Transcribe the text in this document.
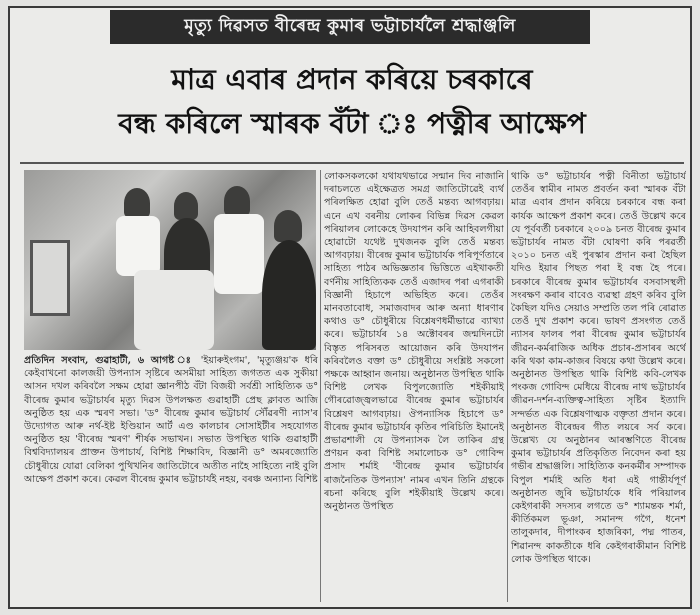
মৃত্যু দিৱসত বীৰেন্দ্ৰ কুমাৰ ভট্টাচাৰ্যলৈ শ্ৰদ্ধাঞ্জলি
মাত্ৰ এবাৰ প্ৰদান কৰিয়ে চৰকাৰে
বন্ধ কৰিলে স্মাৰক বঁটা ঃ পত্নীৰ আক্ষেপ

প্ৰতিদিন সংবাদ, গুৱাহাটী, ৬ আগষ্ট ঃ 'ইয়াৰুইংগম', 'মৃত্যুঞ্জয়'ক ধৰি কেইবাখনো কালজয়ী উপন্যাস সৃষ্টিৰে অসমীয়া সাহিত্য জগতত এক সুকীয়া আসন দখল কৰিবলৈ সক্ষম হোৱা জ্ঞানপীঠ বঁটা বিজয়ী সৰ্বশ্ৰী সাহিত্যিক ড° বীৰেন্দ্ৰ কুমাৰ ভট্টাচাৰ্যৰ মৃত্যু দিৱস উপলক্ষত গুৱাহাটী প্ৰেছ ক্লাবত আজি অনুষ্ঠিত হয় এক স্মৰণ সভা। 'ড° বীৰেন্দ্ৰ কুমাৰ ভট্টাচাৰ্য সৌঁৱৰণী ন্যাস'ৰ উদ্যোগত আৰু নৰ্থ-ইষ্ট ইণ্ডিয়ান আৰ্ট এণ্ড কালচাৰ সোসাইটীৰ সহযোগত অনুষ্ঠিত হয় 'বীৰেন্দ্ৰ স্মৰণ' শীৰ্ষক সভাখন। সভাত উপস্থিত থাকি গুৱাহাটী বিশ্ববিদ্যালয়ৰ প্ৰাক্তন উপাচাৰ্য, বিশিষ্ট শিক্ষাবিদ, বিজ্ঞানী ড° অমৰজ্যোতি চৌধুৰীয়ে যোৱা বেলিকা পুথিখনিৰ জাতিটোৰে অতীত নাহৈ সাহিত্যে নাই বুলি আক্ষেপ প্ৰকাশ কৰে। কেৱল বীৰেন্দ্ৰ কুমাৰ ভট্টাচাৰ্যই নহয়, বৰঞ্চ অন্যান্য বিশিষ্ট

লোকসকলকো যথাযথভাৱে সন্মান দিব নাজানি দৰাচলতে এইক্ষেত্ৰত সমগ্ৰ জাতিটোৱেই ব্যৰ্থ পৰিলক্ষিত হোৱা বুলি তেওঁ মন্তব্য আগবঢ়ায়। এনে এখ বৰনীয় লোকৰ বিভিন্ন দিৱস কেৱল পৰিয়ালৰ লোকেহে উদযাপন কৰি আহিবলগীয়া হোৱাটো যথেষ্ট দুখজনক বুলি তেওঁ মন্তব্য আগবঢ়ায়। বীৰেন্দ্ৰ কুমাৰ ভট্টাচাৰ্যক পৰিপূৰ্ণতাৰে সাহিত্য পাঠৰ অভিজ্ঞতাৰ ভিত্তিতে এইখাকতী বৰ্ণনীয় সাহিত্যিকক তেওঁ এজাদৰ পৰা এগৰাকী বিজ্ঞানী হিচাপে অভিহিত কৰে। তেওঁৰ মানবতাবোধ, সমাজবাদৰ আৰু অন্যা ধাৰণাৰ কথাও ড° চৌধুৰীয়ে বিশ্লেষণধৰ্মীভাৱে ব্যাখ্যা কৰে। ভট্টাচাৰ্যৰ ১৪ অক্টোবৰৰ জন্মদিনটো বিস্তৃত পৰিসৰত আয়োজন কৰি উদযাপন কৰিবলৈও বক্তা ড° চৌধুৰীয়ে সংশ্লিষ্ট সকলো পক্ষকে আহ্বান জনায়। অনুষ্ঠানত উপস্থিত থাকি বিশিষ্ট লেখক বিপুলজ্যোতি শইকীয়াই গৌৰৱোজ্জ্বলভাৱে বীৰেন্দ্ৰ কুমাৰ ভট্টাচাৰ্যৰ বিশ্লেষণ আগবঢ়ায়। ঔপন্যাসিক হিচাপে ড° বীৰেন্দ্ৰ কুমাৰ ভট্টাচাৰ্যৰ কৃতিৰ পৰিচিতি ইমানেই প্ৰভাৱশালী যে উপন্যাসক লৈ তাকিৰ গ্ৰন্থ প্ৰণয়ন কৰা বিশিষ্ট সমালোচক ড° গোবিন্দ প্ৰসাদ শৰ্মাই 'বীৰেন্দ্ৰ কুমাৰ ভট্টাচাৰ্যৰ ৰাজনৈতিক উপন্যাস' নামৰ এখন তিনি গ্ৰন্থকে ৰচনা কৰিছে বুলি শইকীয়াই উল্লেখ কৰে। অনুষ্ঠানত উপস্থিত

থাকি ড° ভট্টাচাৰ্যৰ পত্নী বিনীতা ভট্টাচাৰ্য তেওঁৰ স্বামীৰ নামত প্ৰবৰ্তন কৰা স্মাৰক বঁটা মাত্ৰ এবাৰ প্ৰদান কৰিয়ে চৰকাৰে বন্ধ কৰা কাৰ্যক আক্ষেপ প্ৰকাশ কৰে। তেওঁ উল্লেখ কৰে যে পূৰ্ববৰ্তী চৰকাৰে ২০০৯ চনত বীৰেন্দ্ৰ কুমাৰ ভট্টাচাৰ্যৰ নামত বঁটা ঘোষণা কৰি পৰৱৰ্তী ২০১০ চনত এই পুৰস্কাৰ প্ৰদান কৰা হৈছিল যদিও ইয়াৰ পিছত পৰা ই বন্ধ হৈ পৰে। চৰকাৰে বীৰেন্দ্ৰ কুমাৰ ভট্টাচাৰ্যৰ বসবাসস্থলী সংৰক্ষণ কৰাৰ বাবেও ব্যৱস্থা গ্ৰহণ কৰিব বুলি কৈছিল যদিও সেয়াও সম্প্ৰতি তল পৰি ৰোৱাত তেওঁ দুখ প্ৰকাশ কৰে। ভাষণ প্ৰসংগত তেওঁ ন্যাসৰ ফালৰ পৰা বীৰেন্দ্ৰ কুমাৰ ভট্টাচাৰ্যৰ জীৱন-কৰ্মৰাজিক অধিক প্ৰচাৰ-প্ৰসাৰৰ অৰ্থে কৰি থকা কাম-কাজৰ বিষয়ে কথা উল্লেখ কৰে। অনুষ্ঠানত উপস্থিত থাকি বিশিষ্ট কবি-লেখক পংকজ গোবিন্দ মেধিয়ে বীৰেন্দ্ৰ নাথ ভট্টাচাৰ্যৰ জীৱন-দৰ্শন-ব্যক্তিত্ব-সাহিত্য সৃষ্টিৰ ইত্যাদি সন্দৰ্ভত এক বিশ্লেষণাত্মক বক্তৃতা প্ৰদান কৰে। অনুষ্ঠানত বীৰেন্দ্ৰৰ গীত লয়ৰে সৰ্ব কৰে। উল্লেখ্য যে অনুষ্ঠানৰ আৰম্ভণিতে বীৰেন্দ্ৰ কুমাৰ ভট্টাচাৰ্যৰ প্ৰতিকৃতিত নিবেদন কৰা হয় গভীৰ শ্ৰদ্ধাঞ্জলি। সাহিত্যিক কনকৰ্মীৰ সম্পাদক বিপুল শৰ্মাই অতি ধৰা এই গান্তীৰ্যপূৰ্ণ অনুষ্ঠানত জুৰি ভট্টাচাৰ্যকে ধৰি পৰিয়ালৰ কেইগৰাকী সদস্যৰ লগতে ড° শ্যামন্তক শৰ্মা, কীৰ্তিকমল ভূঞা, সমানন্দ গগৈ, ধনেশ তালুকদাৰ, দীপাংকৰ হাজৰিকা, পদ্ম পাতৰ, শিৱানন্দ কাকতীকে ধৰি কেইগৰাকীমান বিশিষ্ট লোক উপস্থিত থাকে।
